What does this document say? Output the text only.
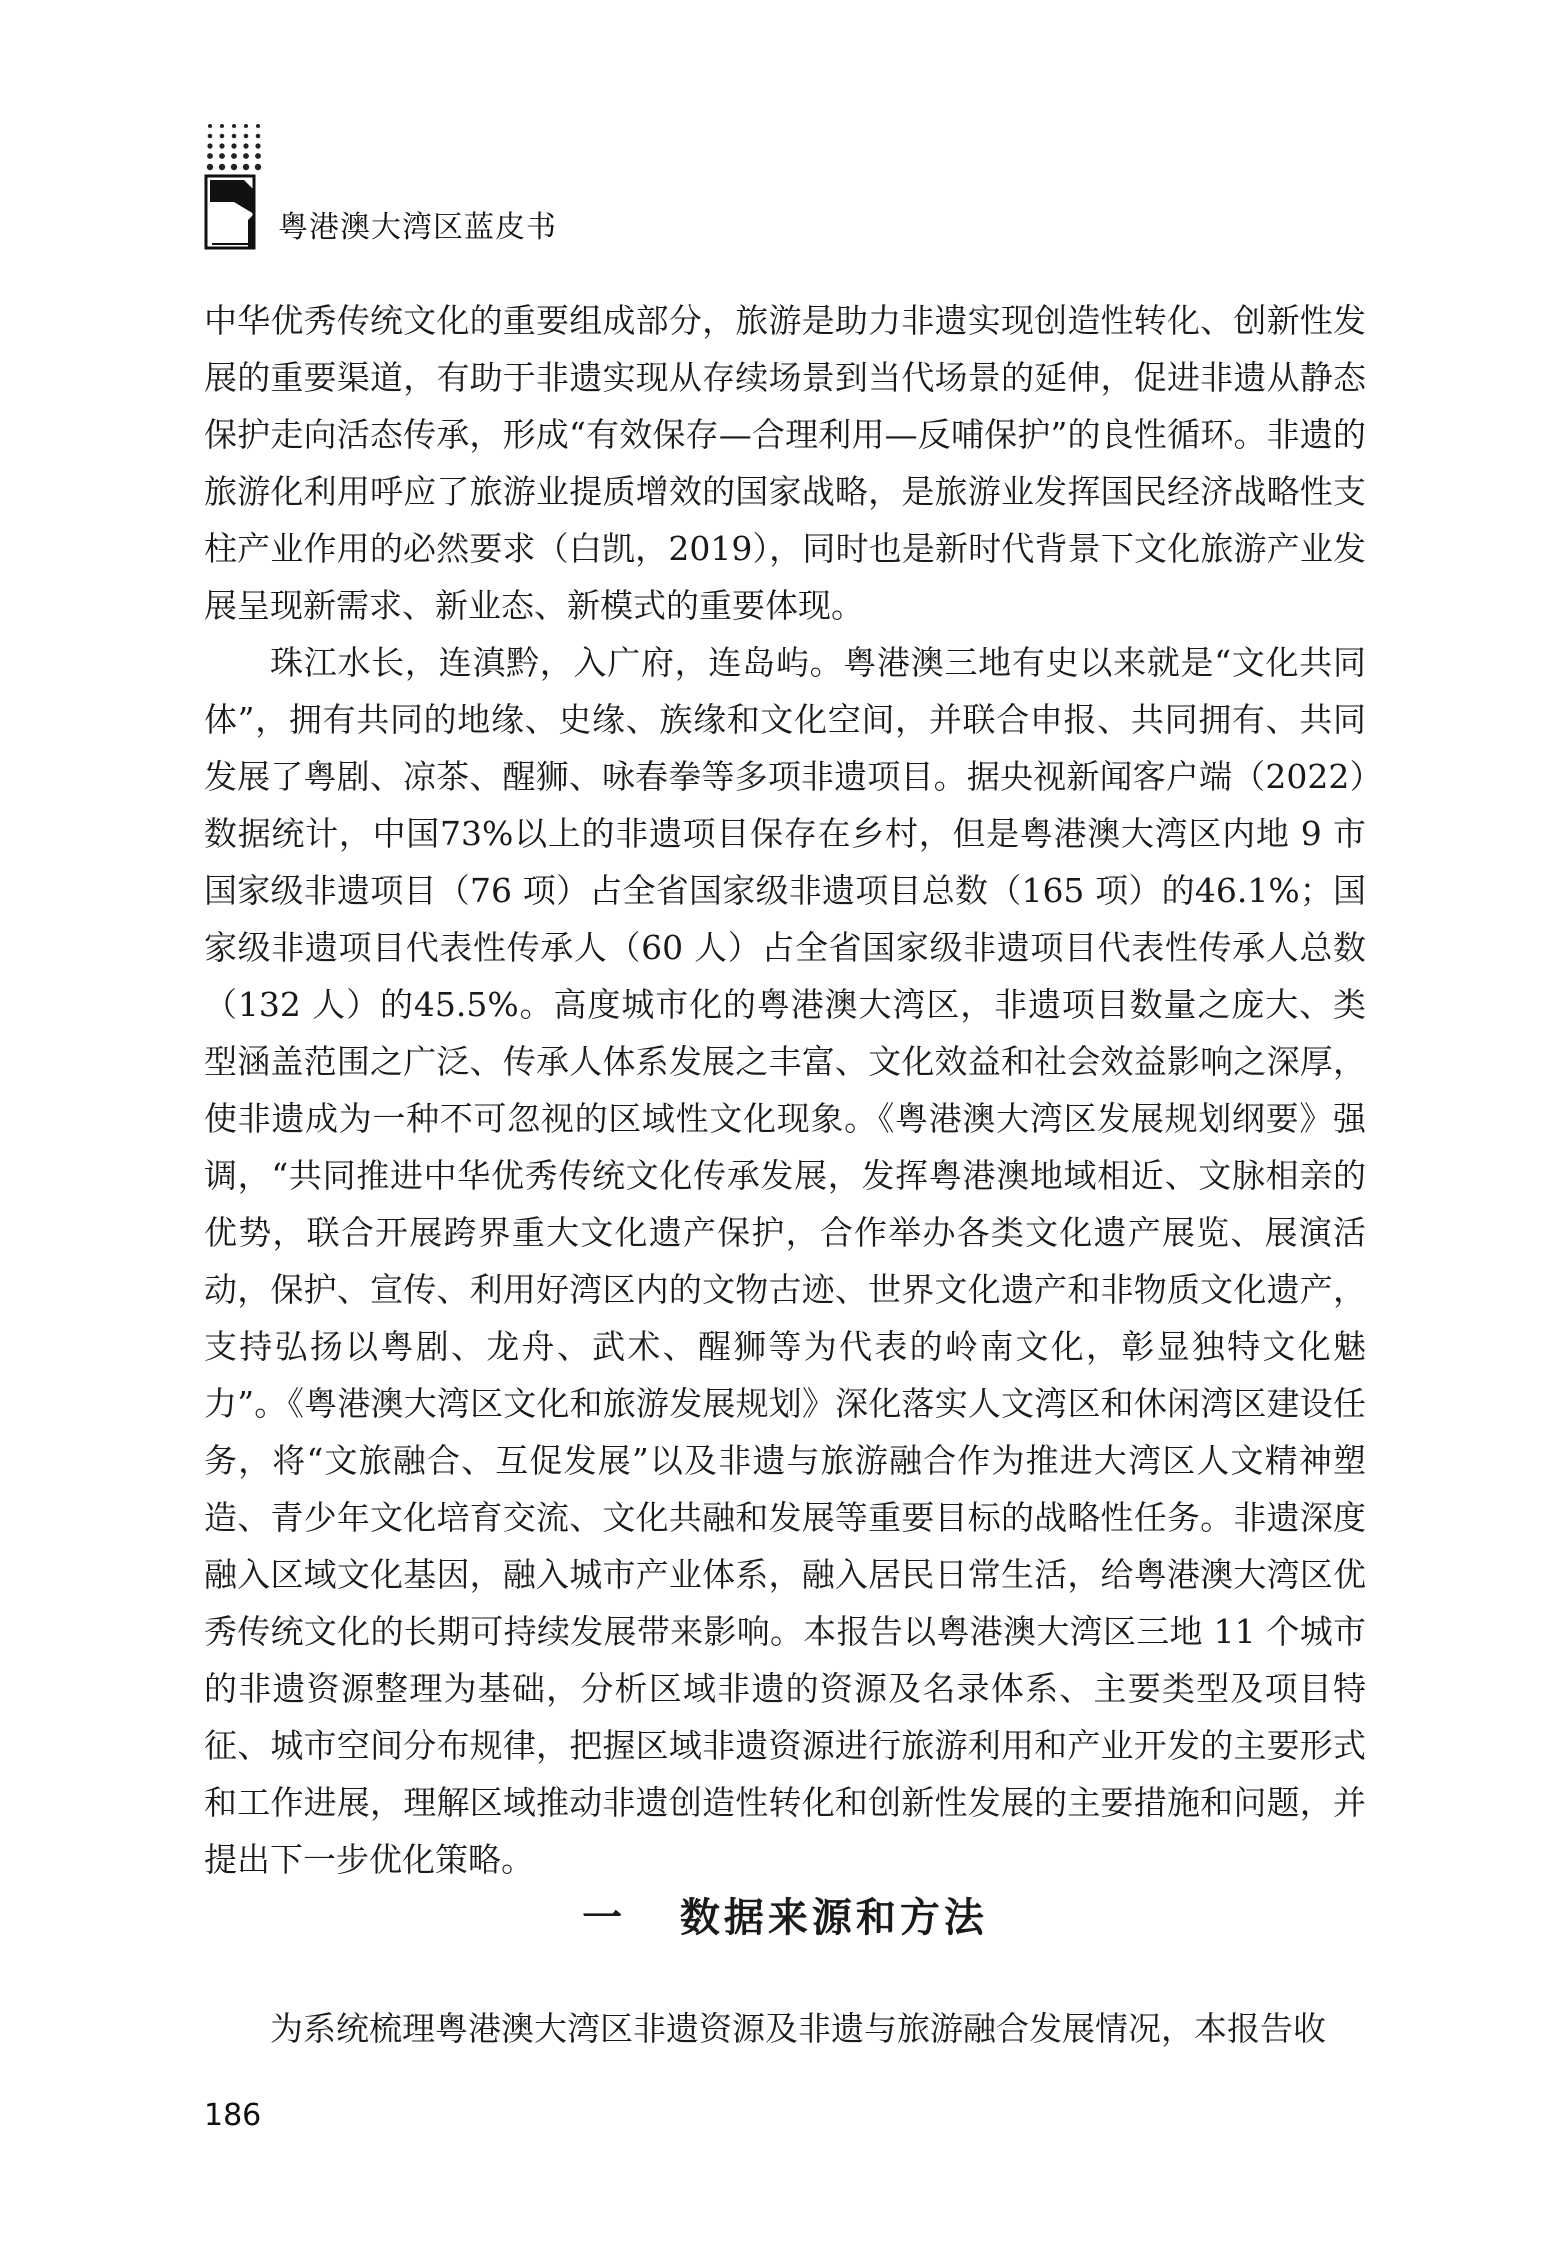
粤港澳大湾区蓝皮书

中华优秀传统文化的重要组成部分，旅游是助力非遗实现创造性转化、创新性发展的重要渠道，有助于非遗实现从存续场景到当代场景的延伸，促进非遗从静态保护走向活态传承，形成“有效保存—合理利用—反哺保护”的良性循环。非遗的旅游化利用呼应了旅游业提质增效的国家战略，是旅游业发挥国民经济战略性支柱产业作用的必然要求（白凯，2019），同时也是新时代背景下文化旅游产业发展呈现新需求、新业态、新模式的重要体现。

珠江水长，连滇黔，入广府，连岛屿。粤港澳三地有史以来就是“文化共同体”，拥有共同的地缘、史缘、族缘和文化空间，并联合申报、共同拥有、共同发展了粤剧、凉茶、醒狮、咏春拳等多项非遗项目。据央视新闻客户端（2022）数据统计，中国73%以上的非遗项目保存在乡村，但是粤港澳大湾区内地 9 市国家级非遗项目（76 项）占全省国家级非遗项目总数（165 项）的46.1%；国家级非遗项目代表性传承人（60 人）占全省国家级非遗项目代表性传承人总数（132 人）的45.5%。高度城市化的粤港澳大湾区，非遗项目数量之庞大、类型涵盖范围之广泛、传承人体系发展之丰富、文化效益和社会效益影响之深厚，使非遗成为一种不可忽视的区域性文化现象。《粤港澳大湾区发展规划纲要》强调，“共同推进中华优秀传统文化传承发展，发挥粤港澳地域相近、文脉相亲的优势，联合开展跨界重大文化遗产保护，合作举办各类文化遗产展览、展演活动，保护、宣传、利用好湾区内的文物古迹、世界文化遗产和非物质文化遗产，支持弘扬以粤剧、龙舟、武术、醒狮等为代表的岭南文化，彰显独特文化魅力”。《粤港澳大湾区文化和旅游发展规划》深化落实人文湾区和休闲湾区建设任务，将“文旅融合、互促发展”以及非遗与旅游融合作为推进大湾区人文精神塑造、青少年文化培育交流、文化共融和发展等重要目标的战略性任务。非遗深度融入区域文化基因，融入城市产业体系，融入居民日常生活，给粤港澳大湾区优秀传统文化的长期可持续发展带来影响。本报告以粤港澳大湾区三地 11 个城市的非遗资源整理为基础，分析区域非遗的资源及名录体系、主要类型及项目特征、城市空间分布规律，把握区域非遗资源进行旅游利用和产业开发的主要形式和工作进展，理解区域推动非遗创造性转化和创新性发展的主要措施和问题，并提出下一步优化策略。

一   数据来源和方法

为系统梳理粤港澳大湾区非遗资源及非遗与旅游融合发展情况，本报告收

186
